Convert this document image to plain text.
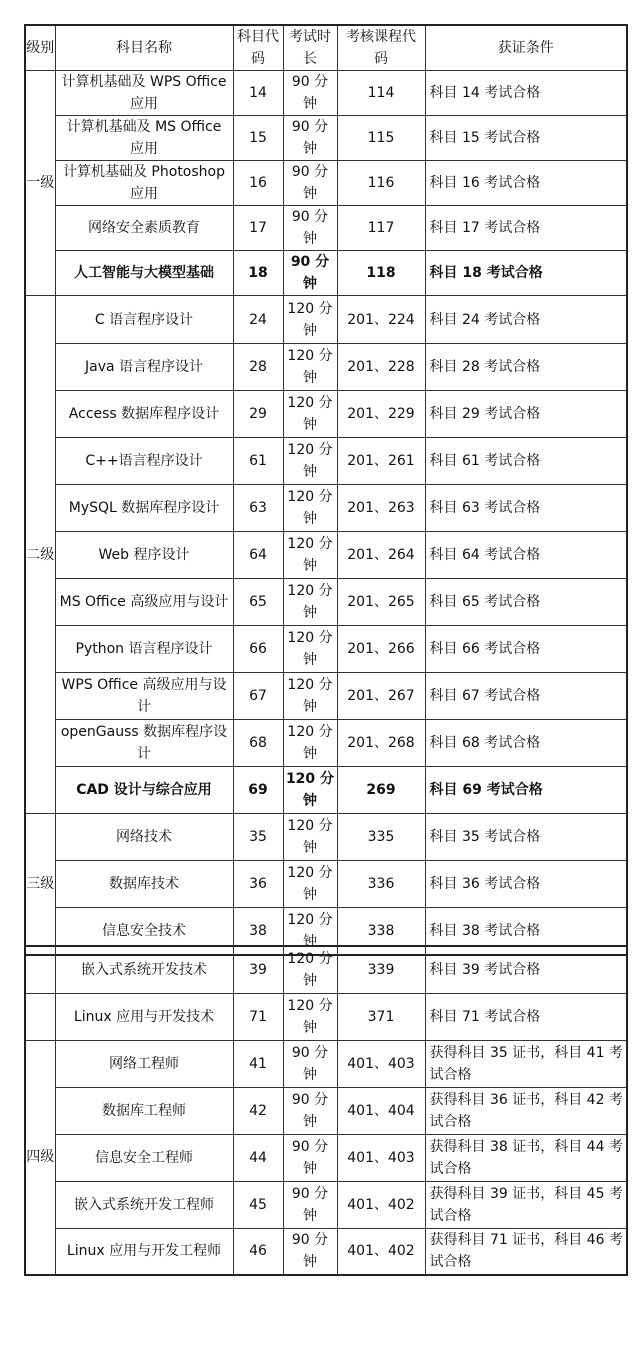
级别	科目名称	科目代码	考试时长	考核课程代码	获证条件
一级	计算机基础及 WPS Office 应用	14	90 分钟	114	科目 14 考试合格
	计算机基础及 MS Office 应用	15	90 分钟	115	科目 15 考试合格
	计算机基础及 Photoshop 应用	16	90 分钟	116	科目 16 考试合格
	网络安全素质教育	17	90 分钟	117	科目 17 考试合格
	人工智能与大模型基础	18	90 分钟	118	科目 18 考试合格
二级	C 语言程序设计	24	120 分钟	201、224	科目 24 考试合格
	Java 语言程序设计	28	120 分钟	201、228	科目 28 考试合格
	Access 数据库程序设计	29	120 分钟	201、229	科目 29 考试合格
	C++语言程序设计	61	120 分钟	201、261	科目 61 考试合格
	MySQL 数据库程序设计	63	120 分钟	201、263	科目 63 考试合格
	Web 程序设计	64	120 分钟	201、264	科目 64 考试合格
	MS Office 高级应用与设计	65	120 分钟	201、265	科目 65 考试合格
	Python 语言程序设计	66	120 分钟	201、266	科目 66 考试合格
	WPS Office 高级应用与设计	67	120 分钟	201、267	科目 67 考试合格
	openGauss 数据库程序设计	68	120 分钟	201、268	科目 68 考试合格
	CAD 设计与综合应用	69	120 分钟	269	科目 69 考试合格
三级	网络技术	35	120 分钟	335	科目 35 考试合格
	数据库技术	36	120 分钟	336	科目 36 考试合格
	信息安全技术	38	120 分钟	338	科目 38 考试合格
	嵌入式系统开发技术	39	120 分钟	339	科目 39 考试合格
	Linux 应用与开发技术	71	120 分钟	371	科目 71 考试合格
四级	网络工程师	41	90 分钟	401、403	获得科目 35 证书，科目 41 考试合格
	数据库工程师	42	90 分钟	401、404	获得科目 36 证书，科目 42 考试合格
	信息安全工程师	44	90 分钟	401、403	获得科目 38 证书，科目 44 考试合格
	嵌入式系统开发工程师	45	90 分钟	401、402	获得科目 39 证书，科目 45 考试合格
	Linux 应用与开发工程师	46	90 分钟	401、402	获得科目 71 证书，科目 46 考试合格
